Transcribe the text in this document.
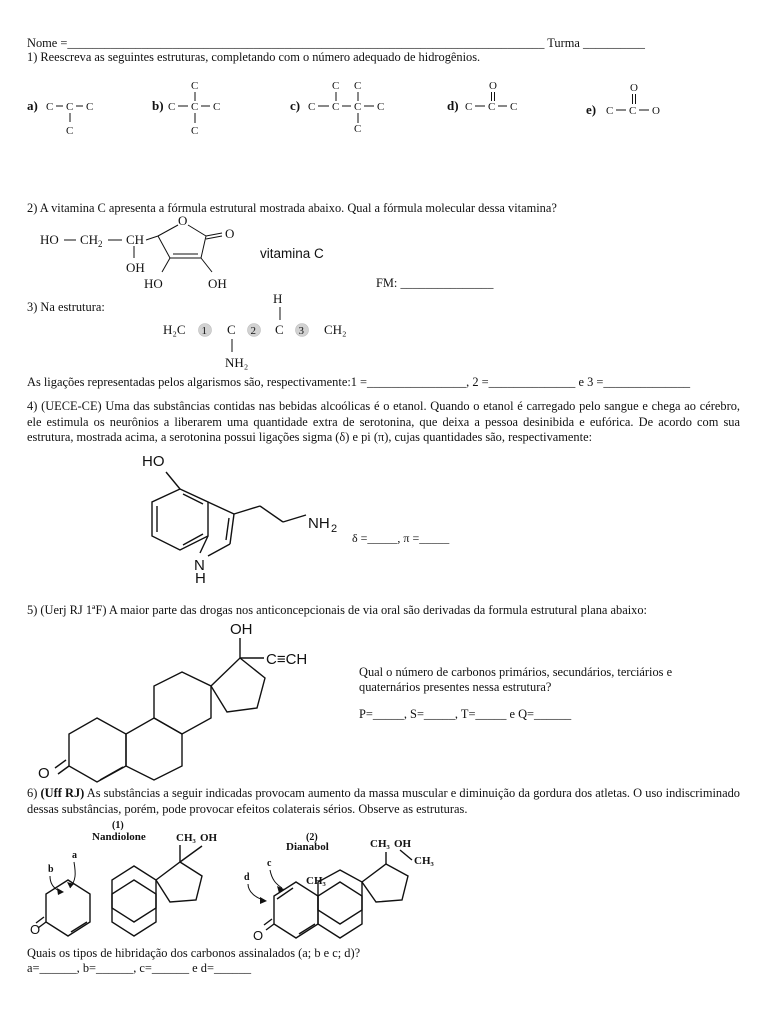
Nome =_____________________________________________________________________________ Turma __________
1) Reescreva as seguintes estruturas, completando com o número adequado de hidrogênios.
a) C C C
C
b)
C
C C C
C
c)
C C
C C C C
C
d)
O
C C C	e)
O
C C O
2) A vitamina C apresenta a fórmula estrutural mostrada abaixo. Qual a fórmula molecular dessa vitamina?
HO CH 2 CH
OH
O
O
HO	OH
vitamina C
FM: _______________
3) Na estrutura:
H
H₂C 1 C 2 C 3 CH₂
NH₂
As ligações representadas pelos algarismos são, respectivamente:1 =________________, 2 =______________ e 3 =______________
4) (UECE-CE) Uma das substâncias contidas nas bebidas alcoólicas é o etanol. Quando o etanol é carregado pelo sangue e chega ao cérebro, ele estimula os neurônios a liberarem uma quantidade extra de serotonina, que deixa a pessoa desinibida e eufórica. De acordo com sua estrutura, mostrada acima, a serotonina possui ligações sigma (δ) e pi (π), cujas quantidades são, respectivamente:
HO
N
H
NH 2
δ =_____, π =_____
5) (Uerj RJ 1ªF) A maior parte das drogas nos anticoncepcionais de via oral são derivadas da formula estrutural plana abaixo:
OH
C≡CH
O
Qual o número de carbonos primários, secundários, terciários e quaternários presentes nessa estrutura?
P=_____, S=_____, T=_____ e Q=______
6) (Uff RJ) As substâncias a seguir indicadas provocam aumento da massa muscular e diminuição da gordura dos atletas. O uso indiscriminado dessas substâncias, porém, pode provocar efeitos colaterais sérios. Observe as estruturas.
(1)
Nandiolone	CH₃ OH
O
a
b
(2)
Dianabol	CH₃ OH
CH₃
CH₃
O
c
d
Quais os tipos de hibridação dos carbonos assinalados (a; b e c; d)?
a=______, b=______, c=______ e d=______
